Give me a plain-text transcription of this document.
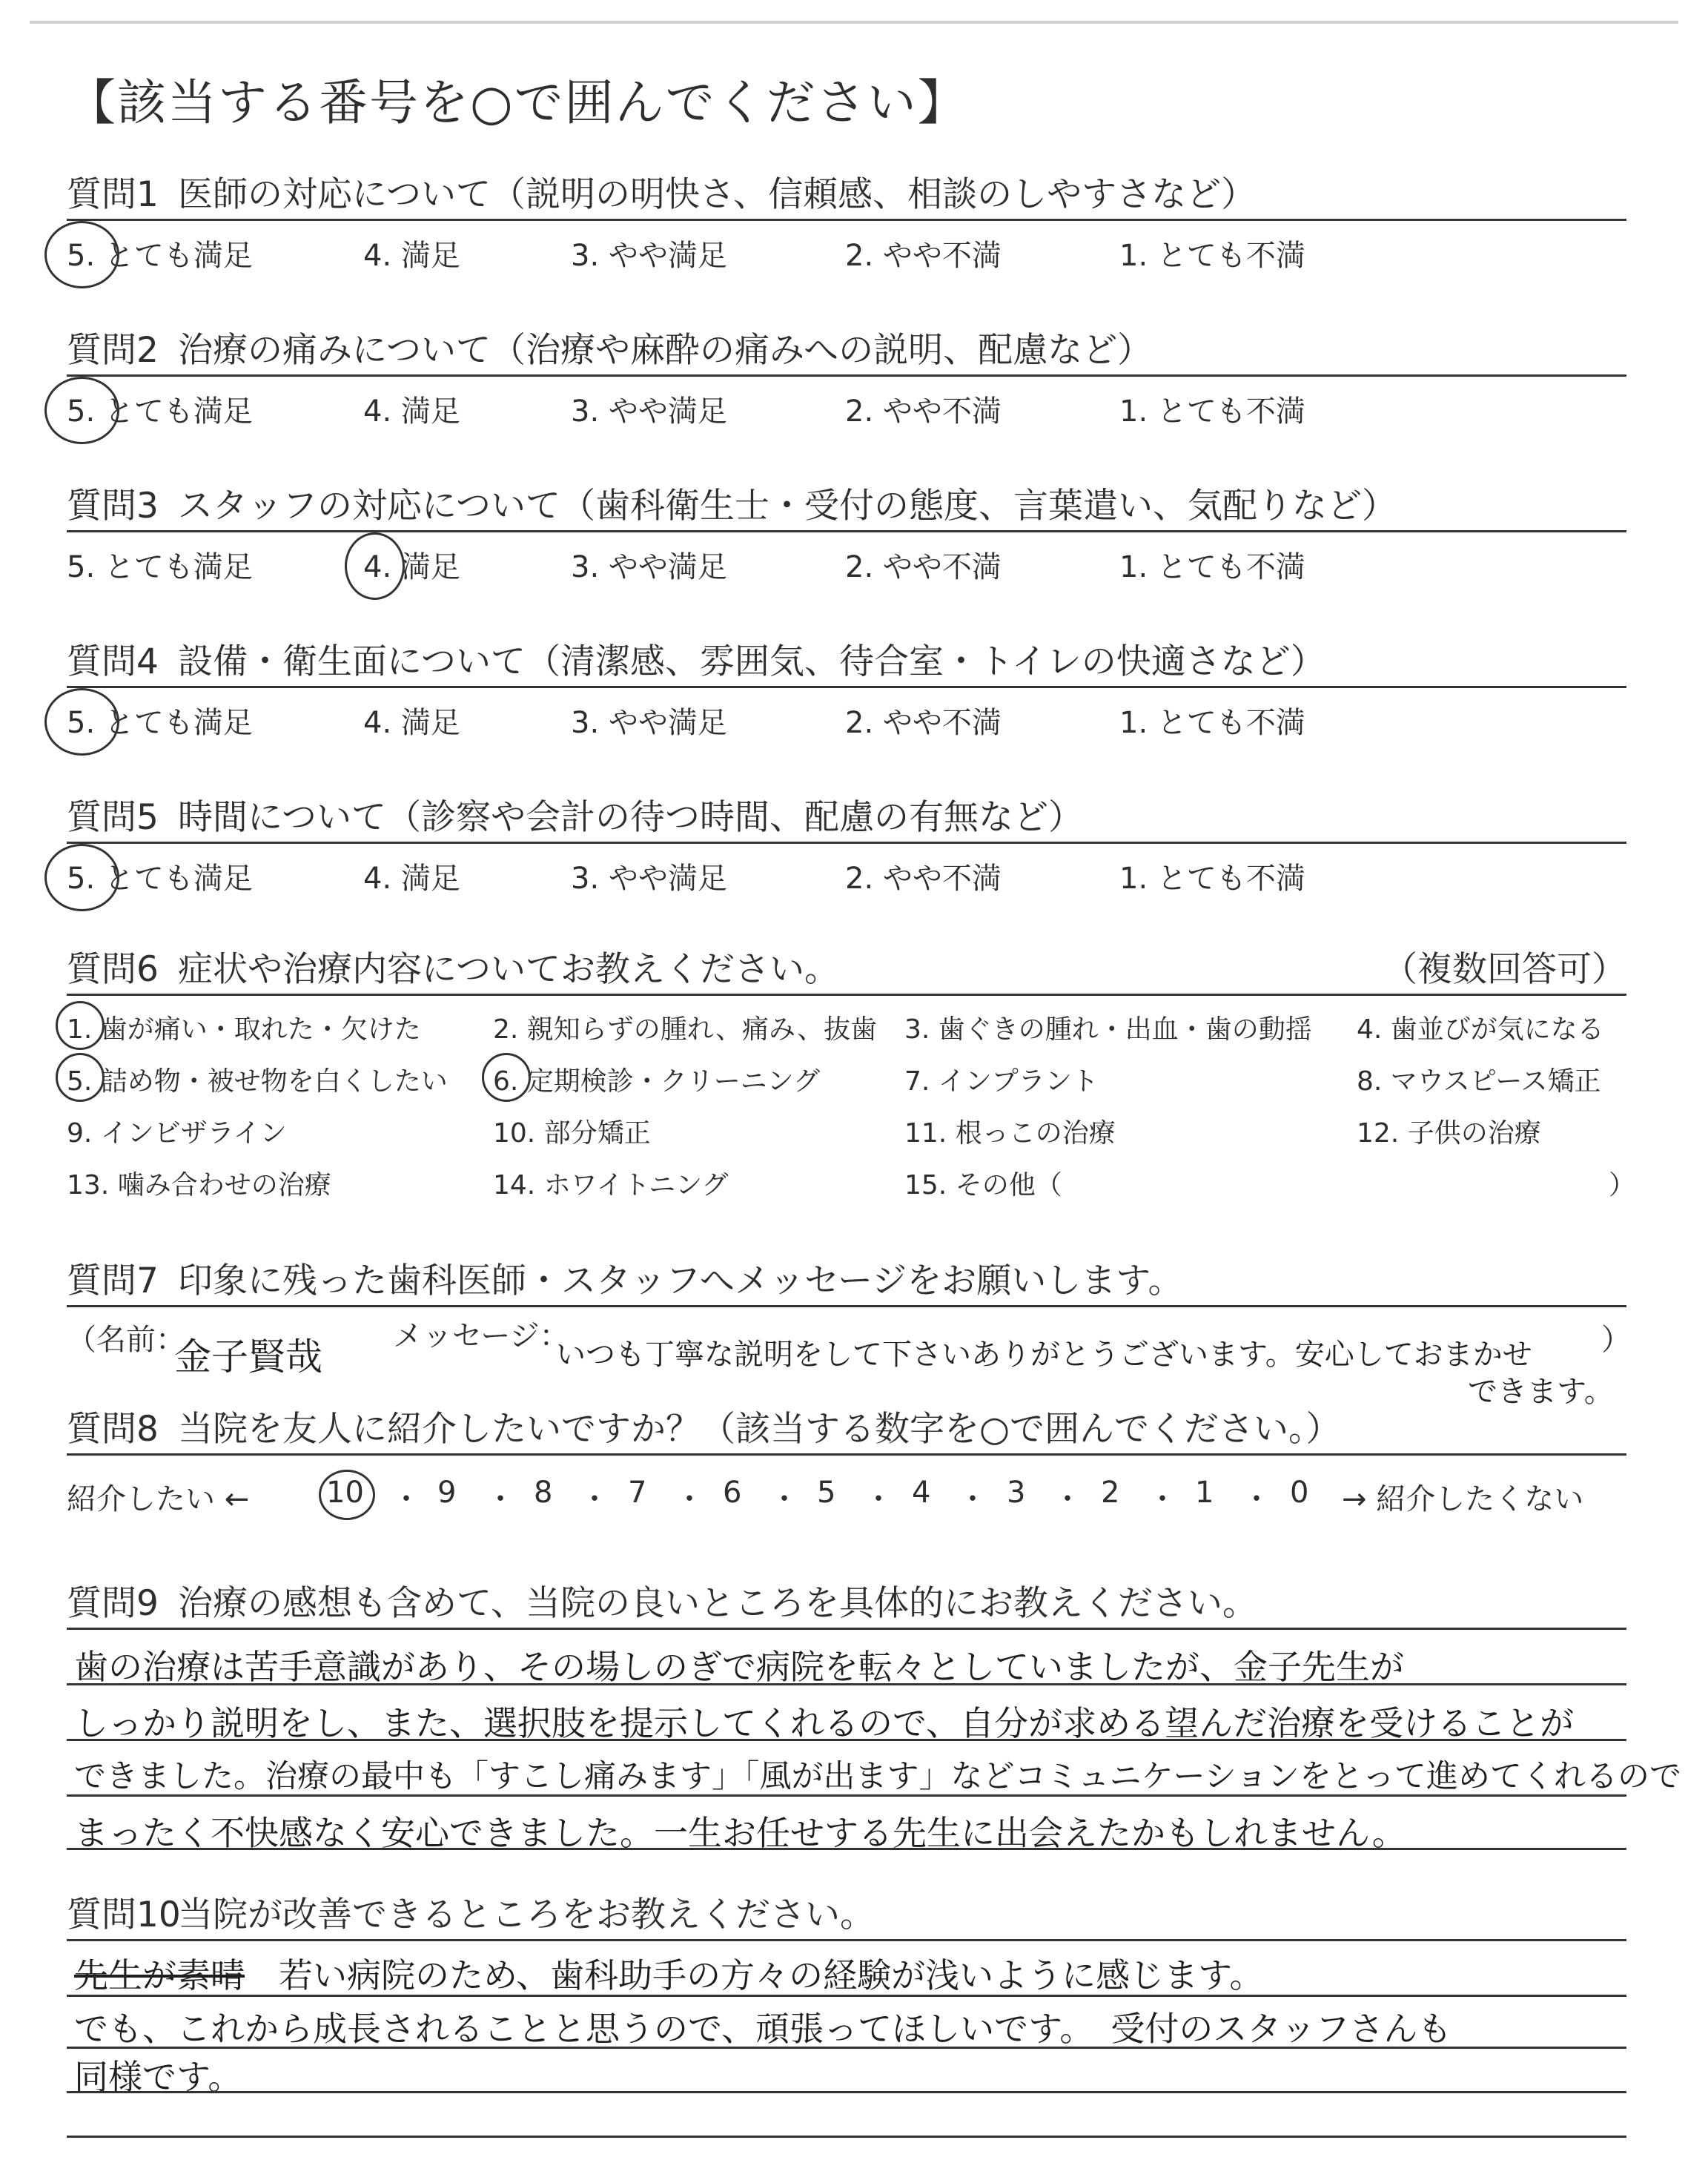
【該当する番号を○で囲んでください】
質問1 医師の対応について（説明の明快さ、信頼感、相談のしやすさなど）
5. とても満足	4. 満足	3. やや満足	2. やや不満	1. とても不満
質問2 治療の痛みについて（治療や麻酔の痛みへの説明、配慮など）
5. とても満足	4. 満足	3. やや満足	2. やや不満	1. とても不満
質問3 スタッフの対応について（歯科衛生士・受付の態度、言葉遣い、気配りなど）
5. とても満足	4. 満足	3. やや満足	2. やや不満	1. とても不満
質問4 設備・衛生面について（清潔感、雰囲気、待合室・トイレの快適さなど）
5. とても満足	4. 満足	3. やや満足	2. やや不満	1. とても不満
質問5 時間について（診察や会計の待つ時間、配慮の有無など）
5. とても満足	4. 満足	3. やや満足	2. やや不満	1. とても不満
質問6 症状や治療内容についてお教えください。	（複数回答可）
1. 歯が痛い・取れた・欠けた	2. 親知らずの腫れ、痛み、抜歯 3. 歯ぐきの腫れ・出血・歯の動揺 4. 歯並びが気になる
5. 詰め物・被せ物を白くしたい 6. 定期検診・クリーニング	7. インプラント	8. マウスピース矯正
9. インビザライン	10. 部分矯正	11. 根っこの治療	12. 子供の治療
13. 噛み合わせの治療	14. ホワイトニング	15. その他（	）
質問7 印象に残った歯科医師・スタッフへメッセージをお願いします。
（名前：
金子賢哉 メッセージ：
いつも丁寧な説明をして下さいありがとうございます。安心しておまかせ
できます。
）
質問8 当院を友人に紹介したいですか？（該当する数字を○で囲んでください。）
紹介したい ←	10 ・ 9 ・ 8 ・ 7 ・ 6 ・ 5 ・ 4 ・ 3 ・ 2 ・ 1 ・ 0 → 紹介したくない
質問9 治療の感想も含めて、当院の良いところを具体的にお教えください。
歯の治療は苦手意識があり、その場しのぎで病院を転々としていましたが、金子先生が
しっかり説明をし、また、選択肢を提示してくれるので、自分が求める望んだ治療を受けることが
できました。治療の最中も「すこし痛みます」「風が出ます」などコミュニケーションをとって進めてくれるので
まったく不快感なく安心できました。一生お任せする先生に出会えたかもしれません。
質問10当院が改善できるところをお教えください。
先生が素晴　 若い病院のため、歯科助手の方々の経験が浅いように感じます。
でも、これから成長されることと思うので、頑張ってほしいです。　受付のスタッフさんも
同様です。
